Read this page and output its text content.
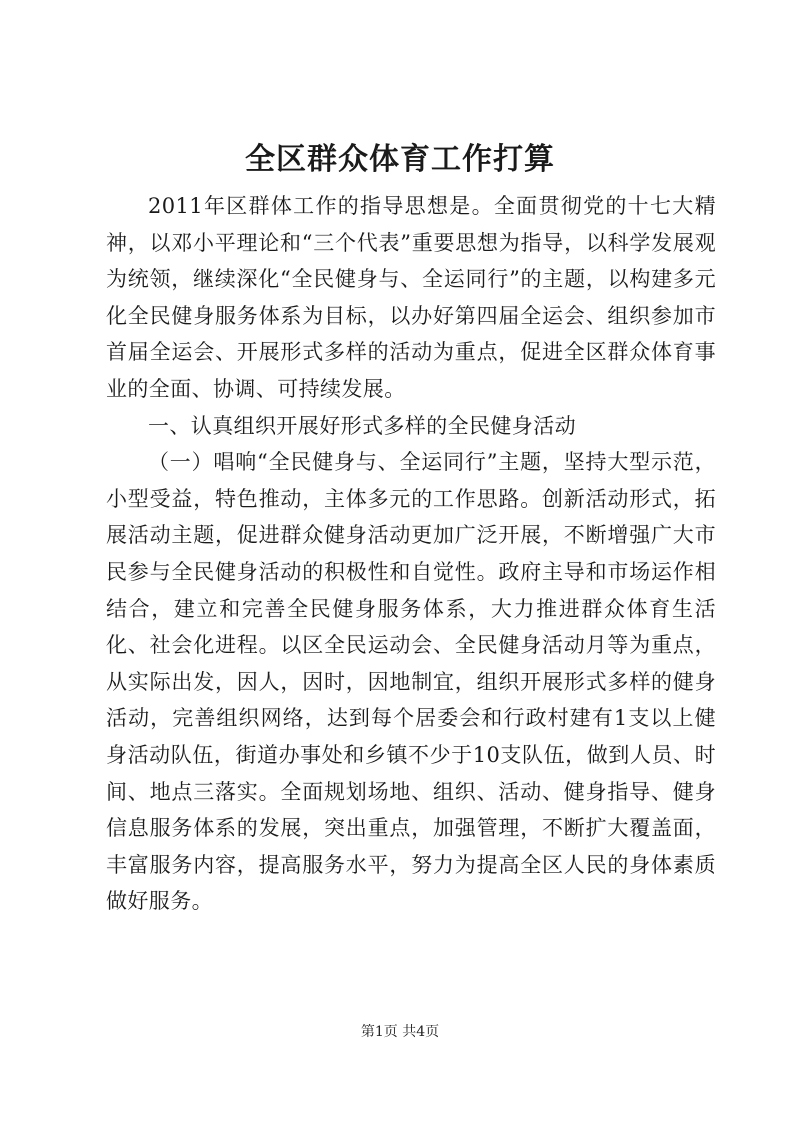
全区群众体育工作打算

2011年区群体工作的指导思想是。全面贯彻党的十七大精神，以邓小平理论和“三个代表”重要思想为指导，以科学发展观为统领，继续深化“全民健身与、全运同行”的主题，以构建多元化全民健身服务体系为目标，以办好第四届全运会、组织参加市首届全运会、开展形式多样的活动为重点，促进全区群众体育事业的全面、协调、可持续发展。

一、认真组织开展好形式多样的全民健身活动

（一）唱响“全民健身与、全运同行”主题，坚持大型示范，小型受益，特色推动，主体多元的工作思路。创新活动形式，拓展活动主题，促进群众健身活动更加广泛开展，不断增强广大市民参与全民健身活动的积极性和自觉性。政府主导和市场运作相结合，建立和完善全民健身服务体系，大力推进群众体育生活化、社会化进程。以区全民运动会、全民健身活动月等为重点，从实际出发，因人，因时，因地制宜，组织开展形式多样的健身活动，完善组织网络，达到每个居委会和行政村建有1支以上健身活动队伍，街道办事处和乡镇不少于10支队伍，做到人员、时间、地点三落实。全面规划场地、组织、活动、健身指导、健身信息服务体系的发展，突出重点，加强管理，不断扩大覆盖面，丰富服务内容，提高服务水平，努力为提高全区人民的身体素质做好服务。

第1页 共4页
